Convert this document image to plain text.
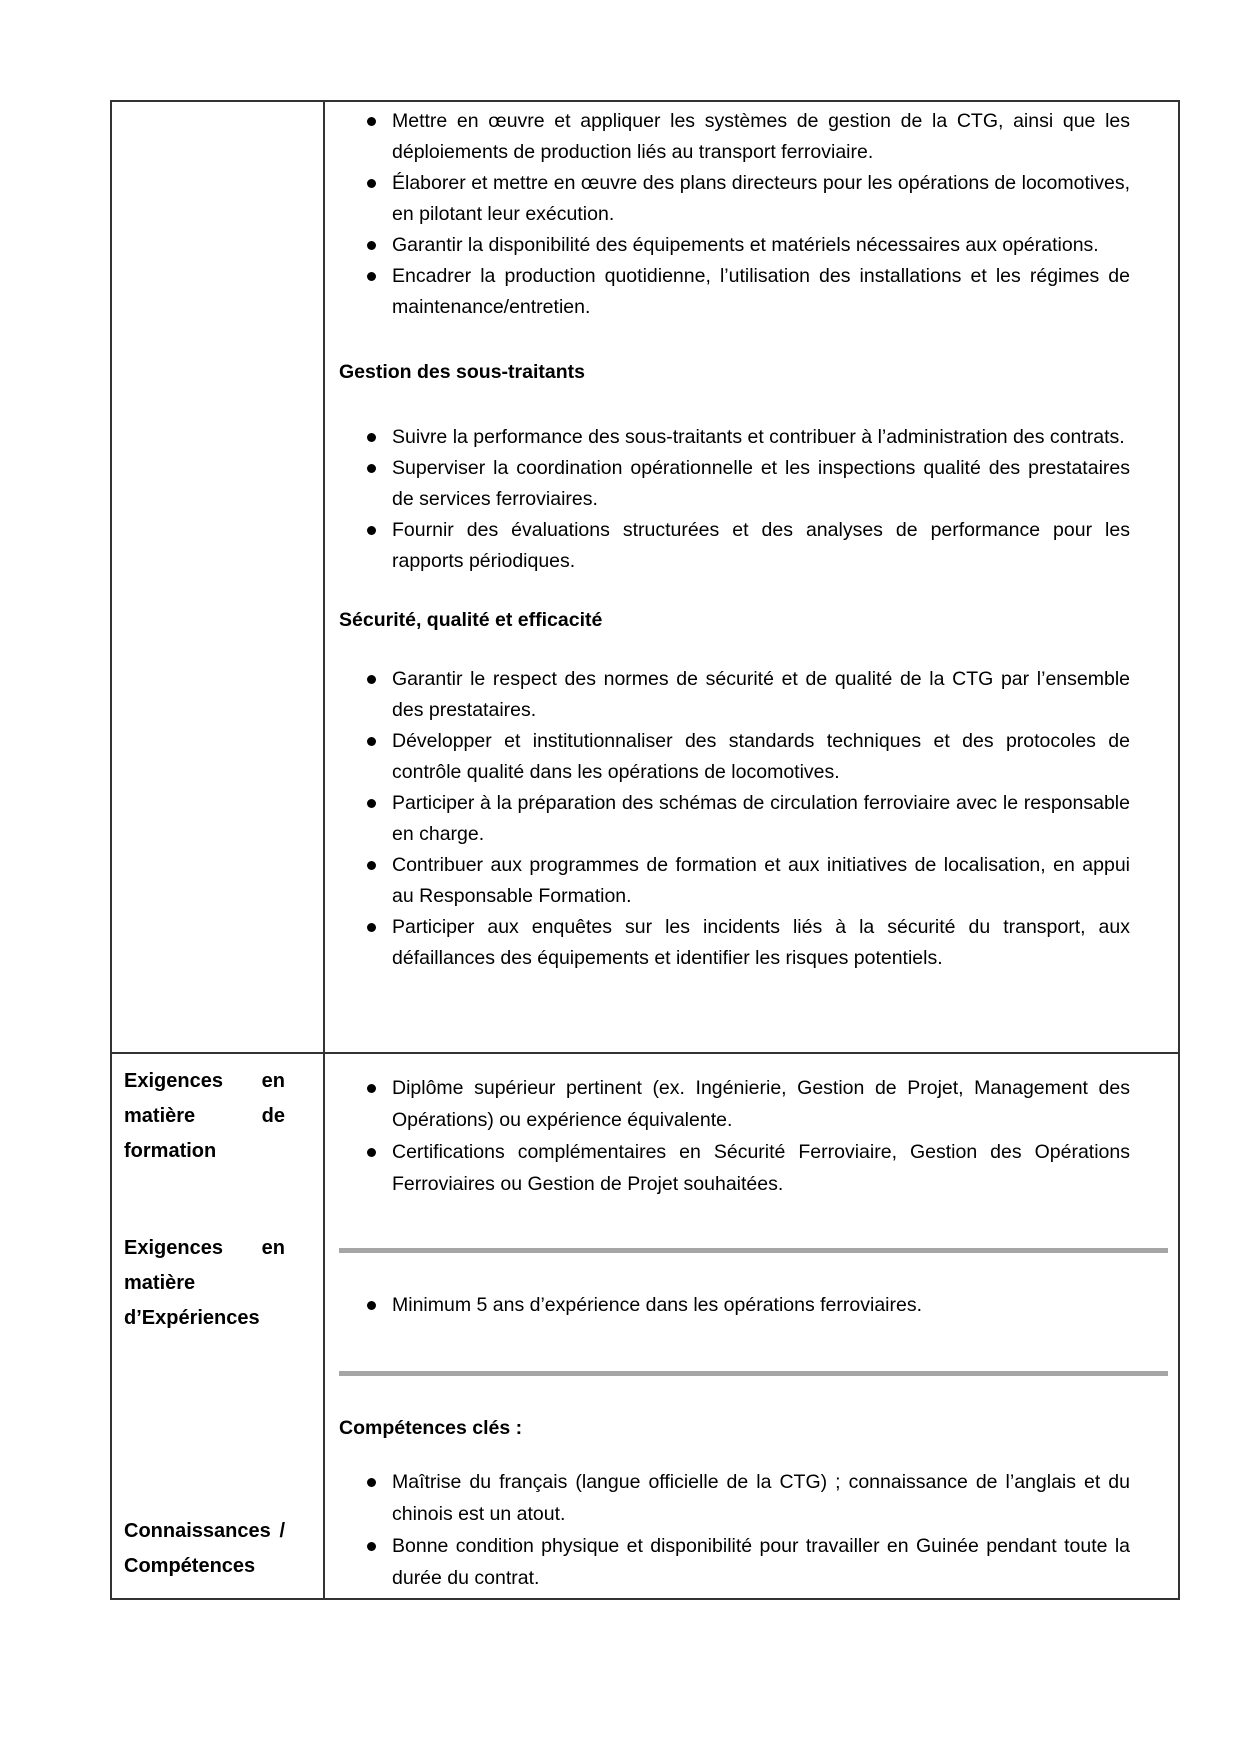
Mettre en œuvre et appliquer les systèmes de gestion de la CTG, ainsi que les déploiements de production liés au transport ferroviaire.
Élaborer et mettre en œuvre des plans directeurs pour les opérations de locomotives, en pilotant leur exécution.
Garantir la disponibilité des équipements et matériels nécessaires aux opérations.
Encadrer la production quotidienne, l’utilisation des installations et les régimes de maintenance/entretien.
Gestion des sous-traitants
Suivre la performance des sous-traitants et contribuer à l’administration des contrats.
Superviser la coordination opérationnelle et les inspections qualité des prestataires de services ferroviaires.
Fournir des évaluations structurées et des analyses de performance pour les rapports périodiques.
Sécurité, qualité et efficacité
Garantir le respect des normes de sécurité et de qualité de la CTG par l’ensemble des prestataires.
Développer et institutionnaliser des standards techniques et des protocoles de contrôle qualité dans les opérations de locomotives.
Participer à la préparation des schémas de circulation ferroviaire avec le responsable en charge.
Contribuer aux programmes de formation et aux initiatives de localisation, en appui au Responsable Formation.
Participer aux enquêtes sur les incidents liés à la sécurité du transport, aux défaillances des équipements et identifier les risques potentiels.
Exigences en
matière de
formation
Exigences en
matière
d’Expériences
Connaissances /
Compétences
Diplôme supérieur pertinent (ex. Ingénierie, Gestion de Projet, Management des Opérations) ou expérience équivalente.
Certifications complémentaires en Sécurité Ferroviaire, Gestion des Opérations Ferroviaires ou Gestion de Projet souhaitées.
Minimum 5 ans d’expérience dans les opérations ferroviaires.
Compétences clés :
Maîtrise du français (langue officielle de la CTG) ; connaissance de l’anglais et du chinois est un atout.
Bonne condition physique et disponibilité pour travailler en Guinée pendant toute la durée du contrat.
